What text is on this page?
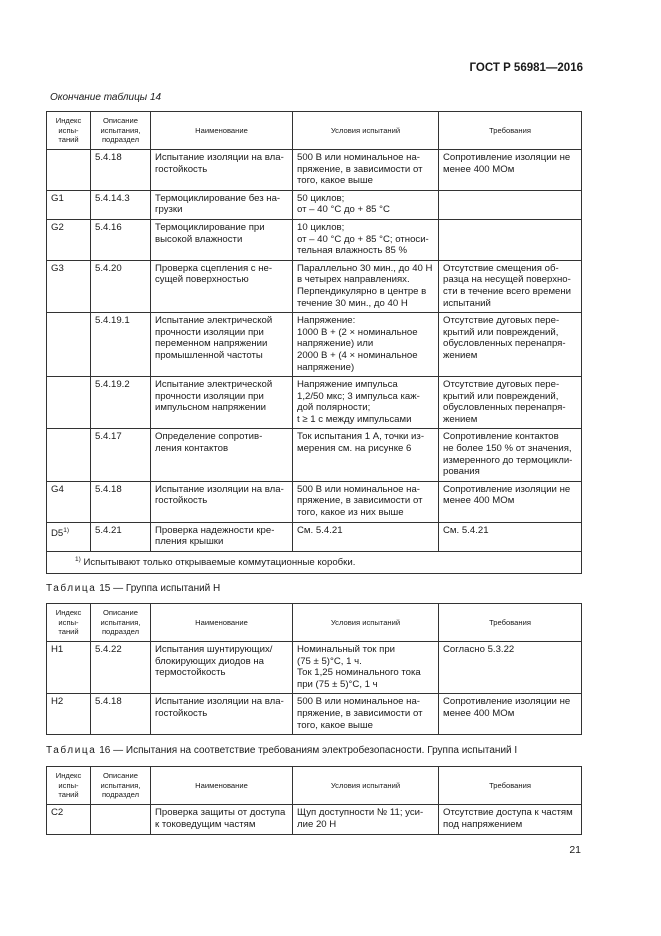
ГОСТ Р 56981—2016
Окончание таблицы 14
Индекс испы-
таний	Описание испытания, подраздел	Наименование	Условия испытаний	Требования
	5.4.18	Испытание изоляции на вла-
гостойкость	500 В или номинальное на-
пряжение, в зависимости от
того, какое выше	Сопротивление изоляции не
менее 400 МОм
G1	5.4.14.3	Термоциклирование без на-
грузки	50 циклов;
от – 40 °С до + 85 °С	
G2	5.4.16	Термоциклирование при
высокой влажности	10 циклов;
от – 40 °С до + 85 °С; относи-
тельная влажность 85 %	
G3	5.4.20	Проверка сцепления с не-
сущей поверхностью	Параллельно 30 мин., до 40 Н
в четырех направлениях.
Перпендикулярно в центре в
течение 30 мин., до 40 Н	Отсутствие смещения об-
разца на несущей поверхно-
сти в течение всего времени
испытаний
	5.4.19.1	Испытание электрической
прочности изоляции при
переменном напряжении
промышленной частоты	Напряжение:
1000 В + (2 × номинальное
напряжение) или
2000 В + (4 × номинальное
напряжение)	Отсутствие дуговых пере-
крытий или повреждений,
обусловленных перенапря-
жением
	5.4.19.2	Испытание электрической
прочности изоляции при
импульсном напряжении	Напряжение импульса
1,2/50 мкс; 3 импульса каж-
дой полярности;
t ≥ 1 с между импульсами	Отсутствие дуговых пере-
крытий или повреждений,
обусловленных перенапря-
жением
	5.4.17	Определение сопротив-
ления контактов	Ток испытания 1 А, точки из-
мерения см. на рисунке 6	Сопротивление контактов
не более 150 % от значения,
измеренного до термоцикли-
рования
G4	5.4.18	Испытание изоляции на вла-
гостойкость	500 В или номинальное на-
пряжение, в зависимости от
того, какое из них выше	Сопротивление изоляции не
менее 400 МОм
D5$^{1)}$	5.4.21	Проверка надежности кре-
пления крышки	См. 5.4.21	См. 5.4.21
$^{1)}$ Испытывают только открываемые коммутационные коробки.				
Таблица 15 — Группа испытаний H
Индекс испы-
таний	Описание испытания, подраздел	Наименование	Условия испытаний	Требования
H1	5.4.22	Испытания шунтирующих/
блокирующих диодов на
термостойкость	Номинальный ток при
(75 ± 5)°С, 1 ч.
Ток 1,25 номинального тока
при (75 ± 5)°С, 1 ч	Согласно 5.3.22
H2	5.4.18	Испытание изоляции на вла-
гостойкость	500 В или номинальное на-
пряжение, в зависимости от
того, какое выше	Сопротивление изоляции не
менее 400 МОм
Таблица 16 — Испытания на соответствие требованиям электробезопасности. Группа испытаний I
Индекс испы-
таний	Описание испытания, подраздел	Наименование	Условия испытаний	Требования
C2		Проверка защиты от доступа
к токоведущим частям	Щуп доступности № 11; уси-
лие 20 Н	Отсутствие доступа к частям
под напряжением
21
